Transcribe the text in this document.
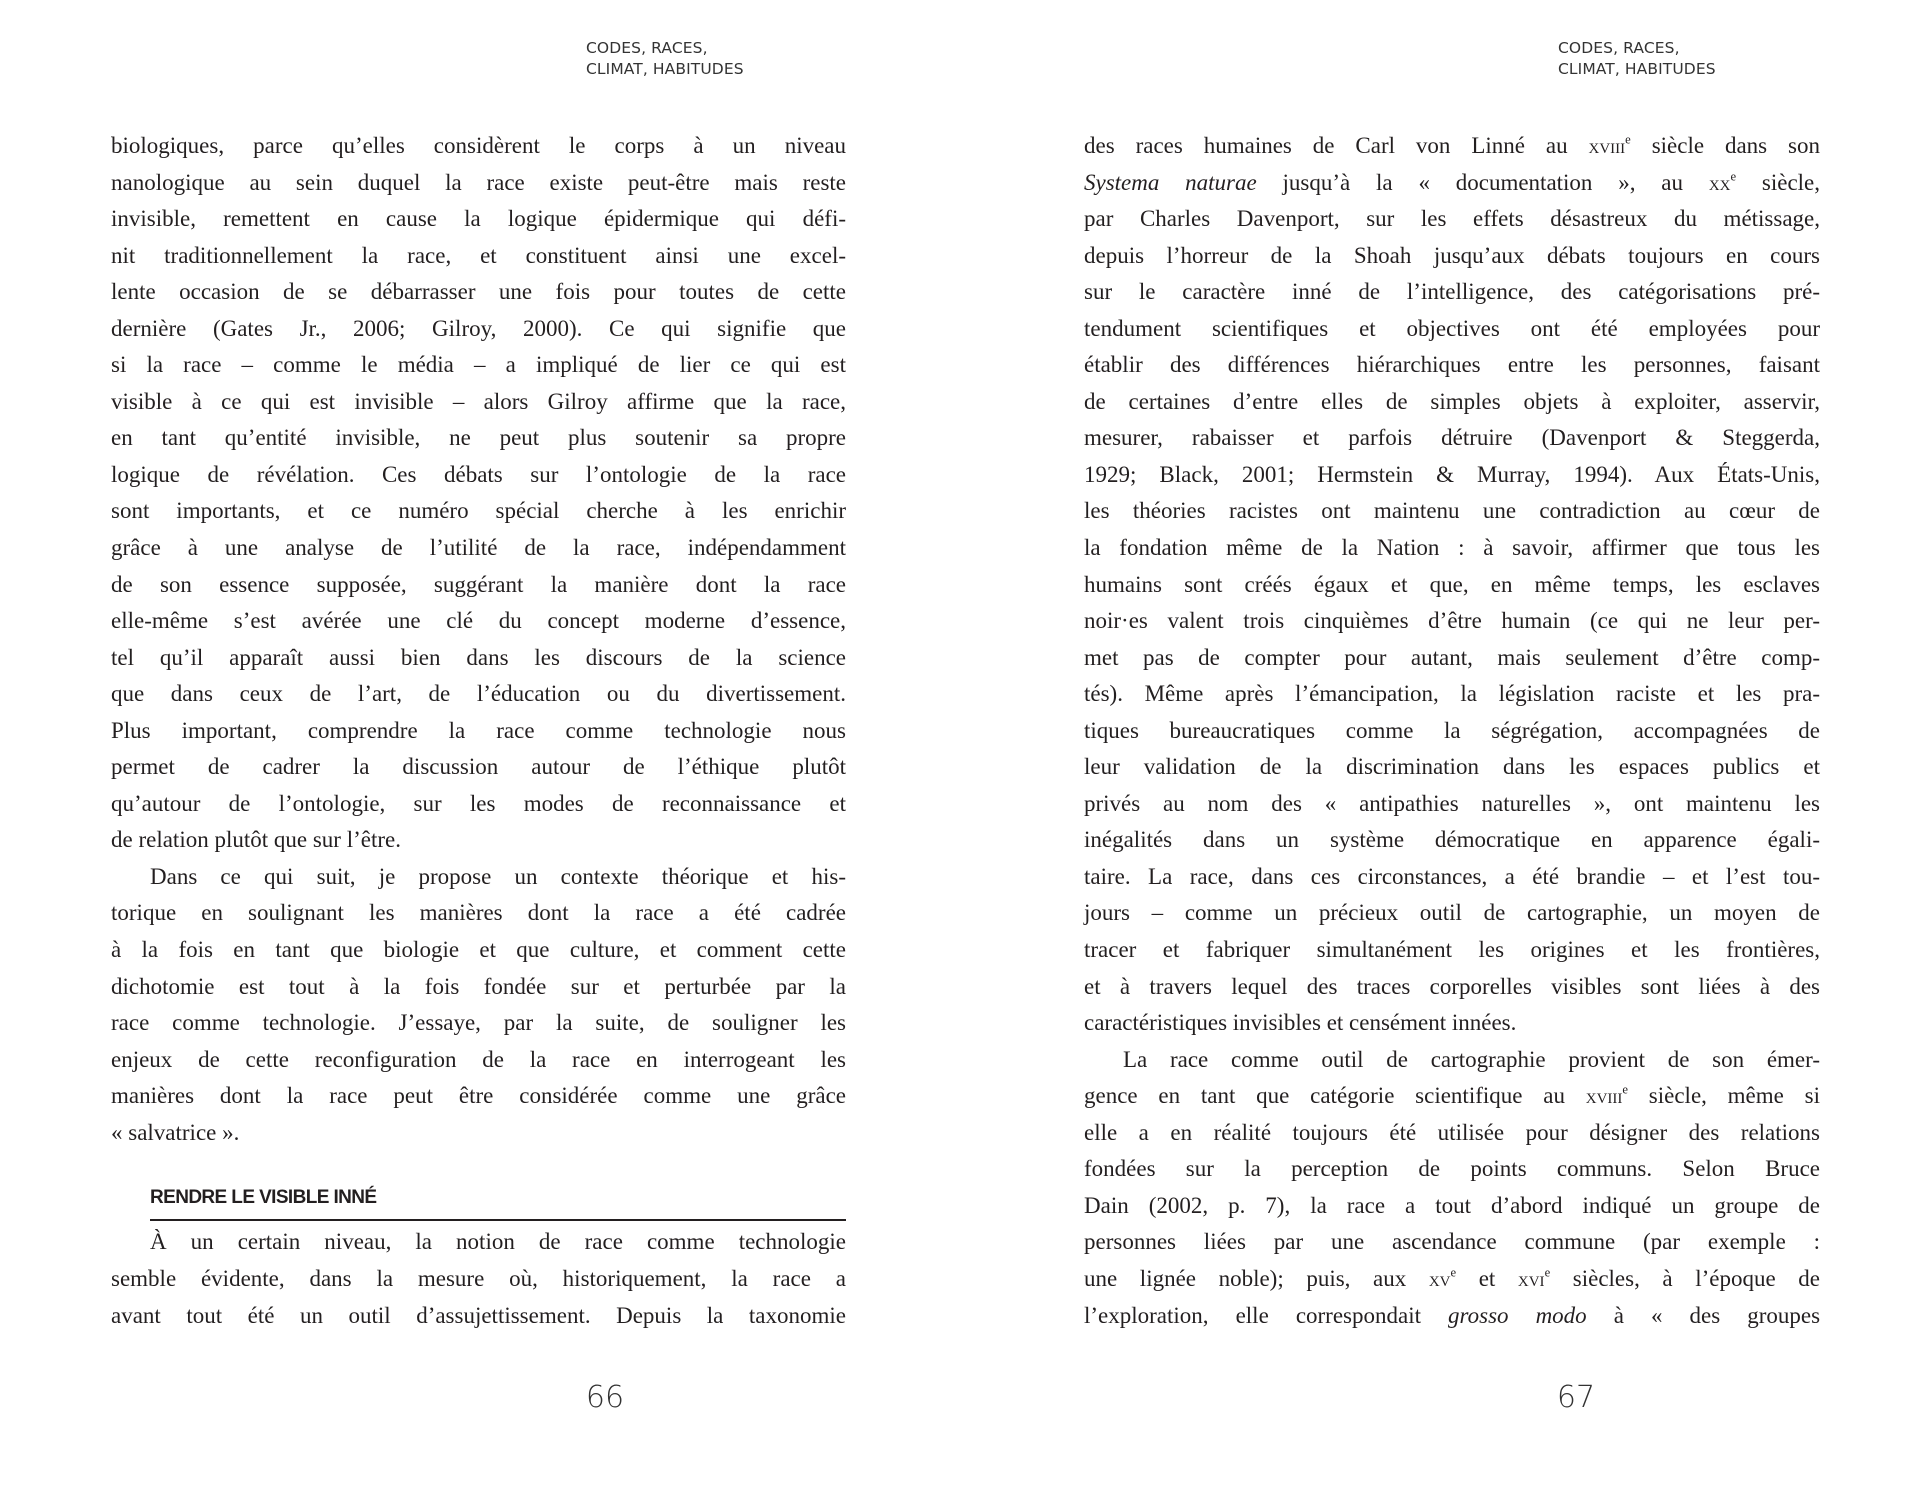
CODES, RACES,
CLIMAT, HABITUDES
biologiques, parce qu’elles considèrent le corps à un niveau
nanologique au sein duquel la race existe peut-être mais reste
invisible, remettent en cause la logique épidermique qui défi-
nit traditionnellement la race, et constituent ainsi une excel-
lente occasion de se débarrasser une fois pour toutes de cette
dernière (Gates Jr., 2006; Gilroy, 2000). Ce qui signifie que
si la race – comme le média – a impliqué de lier ce qui est
visible à ce qui est invisible – alors Gilroy affirme que la race,
en tant qu’entité invisible, ne peut plus soutenir sa propre
logique de révélation. Ces débats sur l’ontologie de la race
sont importants, et ce numéro spécial cherche à les enrichir
grâce à une analyse de l’utilité de la race, indépendamment
de son essence supposée, suggérant la manière dont la race
elle-même s’est avérée une clé du concept moderne d’essence,
tel qu’il apparaît aussi bien dans les discours de la science
que dans ceux de l’art, de l’éducation ou du divertissement.
Plus important, comprendre la race comme technologie nous
permet de cadrer la discussion autour de l’éthique plutôt
qu’autour de l’ontologie, sur les modes de reconnaissance et
de relation plutôt que sur l’être.
Dans ce qui suit, je propose un contexte théorique et his-
torique en soulignant les manières dont la race a été cadrée
à la fois en tant que biologie et que culture, et comment cette
dichotomie est tout à la fois fondée sur et perturbée par la
race comme technologie. J’essaye, par la suite, de souligner les
enjeux de cette reconfiguration de la race en interrogeant les
manières dont la race peut être considérée comme une grâce
« salvatrice ».
RENDRE LE VISIBLE INNÉ
À un certain niveau, la notion de race comme technologie
semble évidente, dans la mesure où, historiquement, la race a
avant tout été un outil d’assujettissement. Depuis la taxonomie
66
CODES, RACES,
CLIMAT, HABITUDES
des races humaines de Carl von Linné au xviii$^e$ siècle dans son
Systema naturae jusqu’à la « documentation », au $xx^e$ siècle,
par Charles Davenport, sur les effets désastreux du métissage,
depuis l’horreur de la Shoah jusqu’aux débats toujours en cours
sur le caractère inné de l’intelligence, des catégorisations pré-
tendument scientifiques et objectives ont été employées pour
établir des différences hiérarchiques entre les personnes, faisant
de certaines d’entre elles de simples objets à exploiter, asservir,
mesurer, rabaisser et parfois détruire (Davenport & Steggerda,
1929; Black, 2001; Hermstein & Murray, 1994). Aux États-Unis,
les théories racistes ont maintenu une contradiction au cœur de
la fondation même de la Nation : à savoir, affirmer que tous les
humains sont créés égaux et que, en même temps, les esclaves
noir·es valent trois cinquièmes d’être humain (ce qui ne leur per-
met pas de compter pour autant, mais seulement d’être comp-
tés). Même après l’émancipation, la législation raciste et les pra-
tiques bureaucratiques comme la ségrégation, accompagnées de
leur validation de la discrimination dans les espaces publics et
privés au nom des « antipathies naturelles », ont maintenu les
inégalités dans un système démocratique en apparence égali-
taire. La race, dans ces circonstances, a été brandie – et l’est tou-
jours – comme un précieux outil de cartographie, un moyen de
tracer et fabriquer simultanément les origines et les frontières,
et à travers lequel des traces corporelles visibles sont liées à des
caractéristiques invisibles et censément innées.
La race comme outil de cartographie provient de son émer-
gence en tant que catégorie scientifique au xviii$^e$ siècle, même si
elle a en réalité toujours été utilisée pour désigner des relations
fondées sur la perception de points communs. Selon Bruce
Dain (2002, p. 7), la race a tout d’abord indiqué un groupe de
personnes liées par une ascendance commune (par exemple :
une lignée noble); puis, aux $xv^e$ et xvi$^e$ siècles, à l’époque de
l’exploration, elle correspondait grosso modo à « des groupes
67
